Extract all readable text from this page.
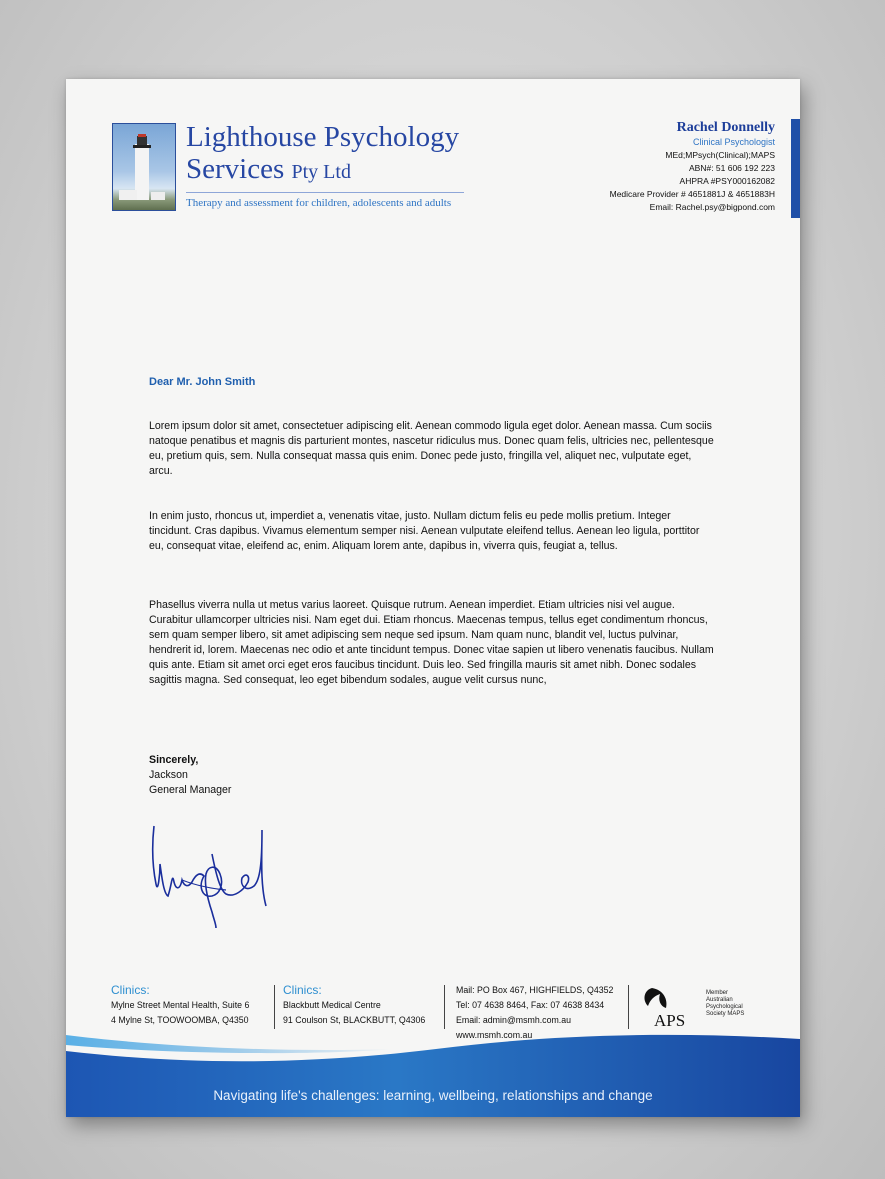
Lighthouse Psychology
Services Pty Ltd
Therapy and assessment for children, adolescents and adults
Rachel Donnelly
Clinical Psychologist
MEd;MPsych(Clinical);MAPS
ABN#: 51 606 192 223
AHPRA #PSY000162082
Medicare Provider # 4651881J & 4651883H
Email: Rachel.psy@bigpond.com
Dear Mr. John Smith

Lorem ipsum dolor sit amet, consectetuer adipiscing elit. Aenean commodo ligula eget dolor. Aenean massa. Cum sociis natoque penatibus et magnis dis parturient montes, nascetur ridiculus mus. Donec quam felis, ultricies nec, pellentesque eu, pretium quis, sem. Nulla consequat massa quis enim. Donec pede justo, fringilla vel, aliquet nec, vulputate eget, arcu.

In enim justo, rhoncus ut, imperdiet a, venenatis vitae, justo. Nullam dictum felis eu pede mollis pretium. Integer tincidunt. Cras dapibus. Vivamus elementum semper nisi. Aenean vulputate eleifend tellus. Aenean leo ligula, porttitor eu, consequat vitae, eleifend ac, enim. Aliquam lorem ante, dapibus in, viverra quis, feugiat a, tellus.

Phasellus viverra nulla ut metus varius laoreet. Quisque rutrum. Aenean imperdiet. Etiam ultricies nisi vel augue. Curabitur ullamcorper ultricies nisi. Nam eget dui. Etiam rhoncus. Maecenas tempus, tellus eget condimentum rhoncus, sem quam semper libero, sit amet adipiscing sem neque sed ipsum. Nam quam nunc, blandit vel, luctus pulvinar, hendrerit id, lorem. Maecenas nec odio et ante tincidunt tempus. Donec vitae sapien ut libero venenatis faucibus. Nullam quis ante. Etiam sit amet orci eget eros faucibus tincidunt. Duis leo. Sed fringilla mauris sit amet nibh. Donec sodales sagittis magna. Sed consequat, leo eget bibendum sodales, augue velit cursus nunc,

Sincerely,
Jackson
General Manager
Clinics:
Mylne Street Mental Health, Suite 6
4 Mylne St, TOOWOOMBA, Q4350
Clinics:
Blackbutt Medical Centre
91 Coulson St, BLACKBUTT, Q4306
Mail: PO Box 467, HIGHFIELDS, Q4352
Tel: 07 4638 8464, Fax: 07 4638 8434
Email: admin@msmh.com.au
www.msmh.com.au
APS
Member
Australian
Psychological
Society MAPS
Navigating life's challenges: learning, wellbeing, relationships and change
